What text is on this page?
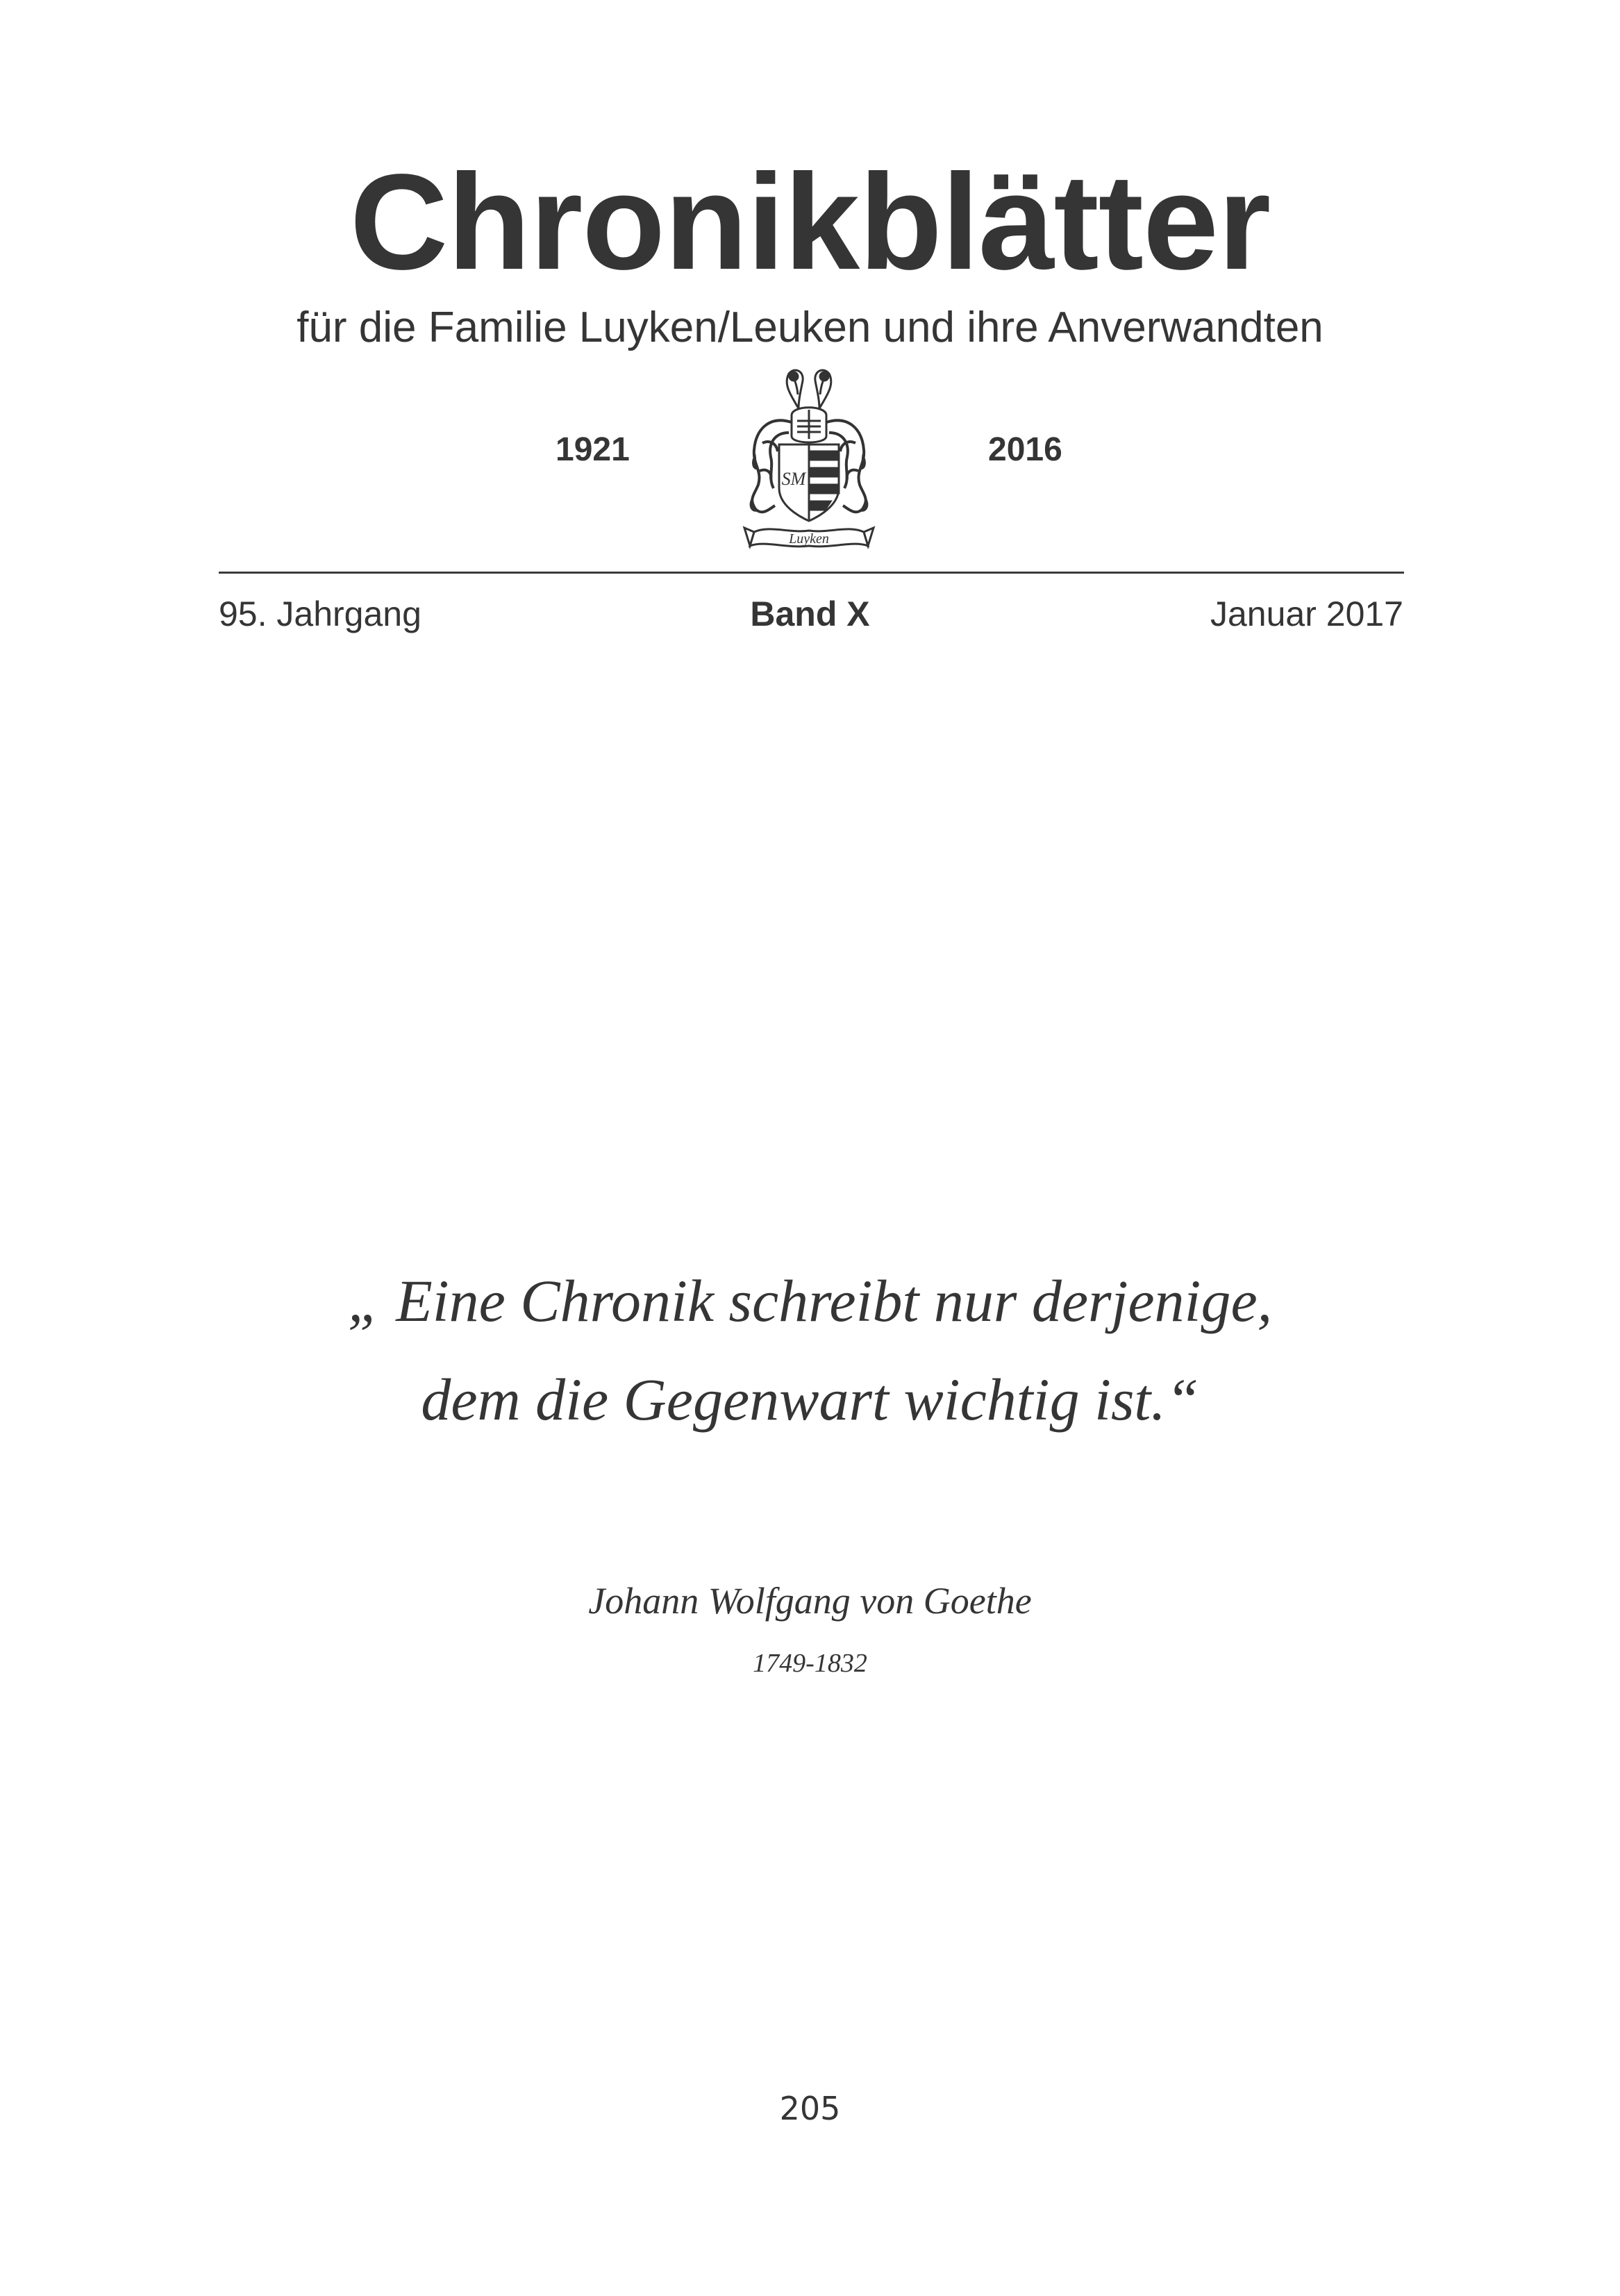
Chronikblätter
für die Familie Luyken/Leuken und ihre Anverwandten
1921
SM
Luyken
2016
95. Jahrgang	Band X	Januar 2017
„ Eine Chronik schreibt nur derjenige,
dem die Gegenwart wichtig ist.“
Johann Wolfgang von Goethe
1749-1832
205
